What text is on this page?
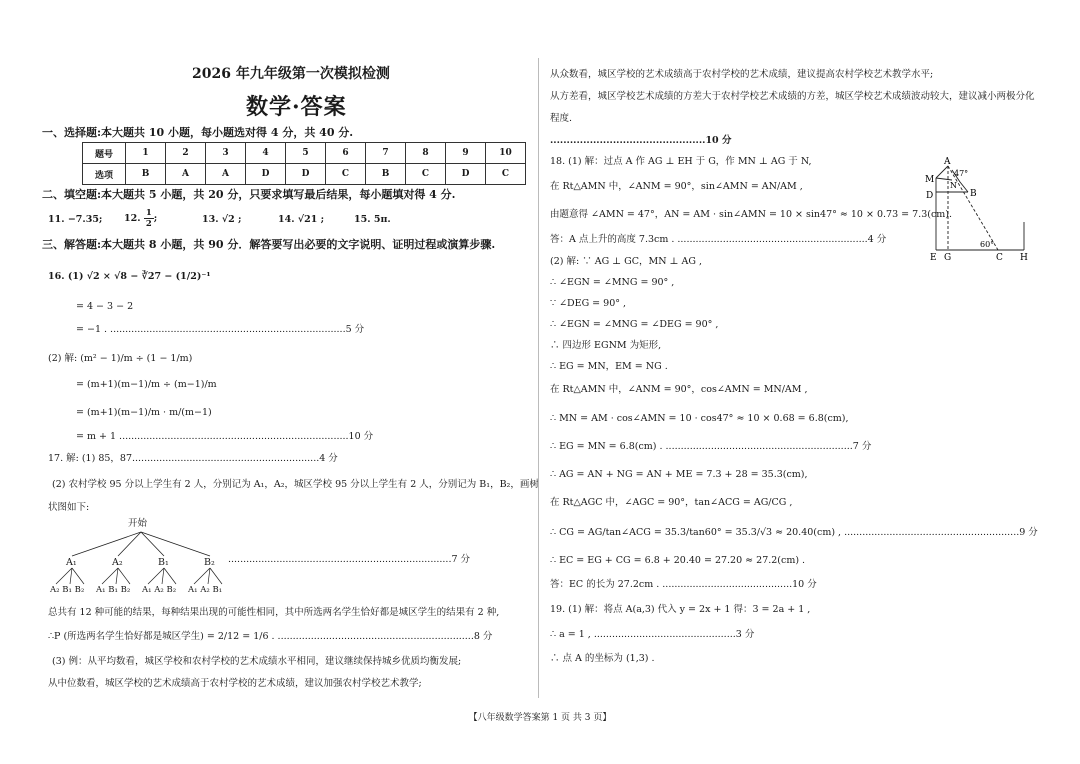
2026 年九年级第一次模拟检测
数学·答案
一、选择题:本大题共 10 小题，每小题选对得 4 分，共 40 分.
题号	1	2	3	4	5	6	7	8	9	10
选项	B	A	A	D	D	C	B	C	D	C
二、填空题:本大题共 5 小题，共 20 分，只要求填写最后结果，每小题填对得 4 分.
11. −7.35; 12. $\frac{1}{2}$ ;	13. √2 ;	14. √21 ;	15. 5π.
三、解答题:本大题共 8 小题，共 90 分．解答要写出必要的文字说明、证明过程或演算步骤.
16. (1) √2 × √8 − ∛27 − (1/2)⁻¹
= 4 − 3 − 2
= −1 . ..............................................................................5 分
(2) 解: (m² − 1)/m ÷ (1 − 1/m)
= (m+1)(m−1)/m ÷ (m−1)/m
= (m+1)(m−1)/m · m/(m−1)
= m + 1 ............................................................................10 分
17. 解: (1) 85，87..............................................................4 分
(2) 农村学校 95 分以上学生有 2 人，分别记为 A₁，A₂，城区学校 95 分以上学生有 2 人，分别记为 B₁，B₂，画树
状图如下:
开始
A₁	A₂	B₁	B₂
A₂ B₁ B₂ A₁ B₁ B₂ A₁ A₂ B₂ A₁ A₂ B₁
..........................................................................7 分
总共有 12 种可能的结果，每种结果出现的可能性相同，其中所选两名学生恰好都是城区学生的结果有 2 种,
∴P (所选两名学生恰好都是城区学生) = 2/12 = 1/6 . .................................................................8 分
(3) 例：从平均数看，城区学校和农村学校的艺术成绩水平相同，建议继续保持城乡优质均衡发展;
从中位数看，城区学校的艺术成绩高于农村学校的艺术成绩，建议加强农村学校艺术教学;
从众数看，城区学校的艺术成绩高于农村学校的艺术成绩，建议提高农村学校艺术教学水平;
从方差看，城区学校艺术成绩的方差大于农村学校艺术成绩的方差，城区学校艺术成绩波动较大，建议减小两极分化
程度.
...............................................10 分
18. (1) 解：过点 A 作 AG ⊥ EH 于 G，作 MN ⊥ AG 于 N,
在 Rt△AMN 中，∠ANM = 90°，sin∠AMN = AN/AM ,
由题意得 ∠AMN = 47°，AN = AM · sin∠AMN = 10 × sin47° ≈ 10 × 0.73 = 7.3(cm).
答：A 点上升的高度 7.3cm . ...............................................................4 分
(2) 解: ∵ AG ⊥ GC，MN ⊥ AG ,
∴ ∠EGN = ∠MNG = 90° ,
∵ ∠DEG = 90° ,
∴ ∠EGN = ∠MNG = ∠DEG = 90° ,
∴ 四边形 EGNM 为矩形,
∴ EG = MN，EM = NG .
在 Rt△AMN 中，∠ANM = 90°，cos∠AMN = MN/AM ,
∴ MN = AM · cos∠AMN = 10 · cos47° ≈ 10 × 0.68 = 6.8(cm),
∴ EG = MN = 6.8(cm) . ..............................................................7 分
∴ AG = AN + NG = AN + ME = 7.3 + 28 = 35.3(cm),
在 Rt△AGC 中，∠AGC = 90°，tan∠ACG = AG/CG ,
∴ CG = AG/tan∠ACG = 35.3/tan60° = 35.3/√3 ≈ 20.40(cm) , ..........................................................9 分
∴ EC = EG + CG = 6.8 + 20.40 = 27.20 ≈ 27.2(cm) .
答：EC 的长为 27.2cm . ...........................................10 分
19. (1) 解：将点 A(a,3) 代入 y = 2x + 1 得：3 = 2a + 1 ,
∴ a = 1 , ...............................................3 分
∴ 点 A 的坐标为 (1,3) .
A
M
N
47°
B
D
60°
E G	C H
【八年级数学答案第 1 页 共 3 页】
